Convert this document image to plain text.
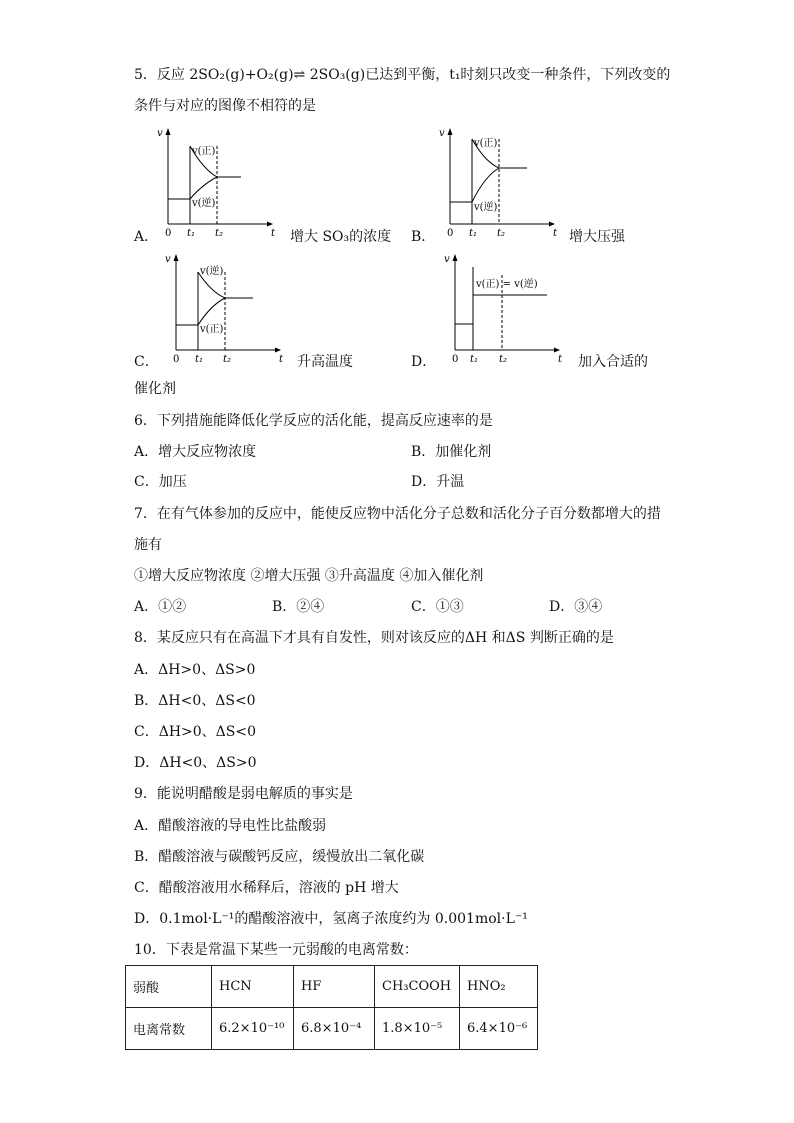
5．反应 2SO₂(g)+O₂(g)⇌ 2SO₃(g)已达到平衡，t₁时刻只改变一种条件，下列改变的
条件与对应的图像不相符的是
v
t
0 t₁ t₂
v(正)
v(逆)
A．	增大 SO₃的浓度
v
t
0 t₁ t₂
v(正)
v(逆)
B．	增大压强
v
t
0 t₁ t₂
v(逆)
v(正)
C．	升高温度
v
t
0 t₁ t₂
v(正) = v(逆)
D．	加入合适的
催化剂
6．下列措施能降低化学反应的活化能，提高反应速率的是
A．增大反应物浓度	B．加催化剂
C．加压	D．升温
7．在有气体参加的反应中，能使反应物中活化分子总数和活化分子百分数都增大的措
施有
①增大反应物浓度 ②增大压强 ③升高温度 ④加入催化剂
A．①②	B．②④	C．①③	D．③④
8．某反应只有在高温下才具有自发性，则对该反应的ΔH 和ΔS 判断正确的是
A．ΔH>0、ΔS>0
B．ΔH<0、ΔS<0
C．ΔH>0、ΔS<0
D．ΔH<0、ΔS>0
9．能说明醋酸是弱电解质的事实是
A．醋酸溶液的导电性比盐酸弱
B．醋酸溶液与碳酸钙反应，缓慢放出二氧化碳
C．醋酸溶液用水稀释后，溶液的 pH 增大
D．0.1mol·L⁻¹的醋酸溶液中，氢离子浓度约为 0.001mol·L⁻¹
10．下表是常温下某些一元弱酸的电离常数：
弱酸	HCN	HF	CH₃COOH	HNO₂
电离常数	6.2×10⁻¹⁰	6.8×10⁻⁴	1.8×10⁻⁵	6.4×10⁻⁶
